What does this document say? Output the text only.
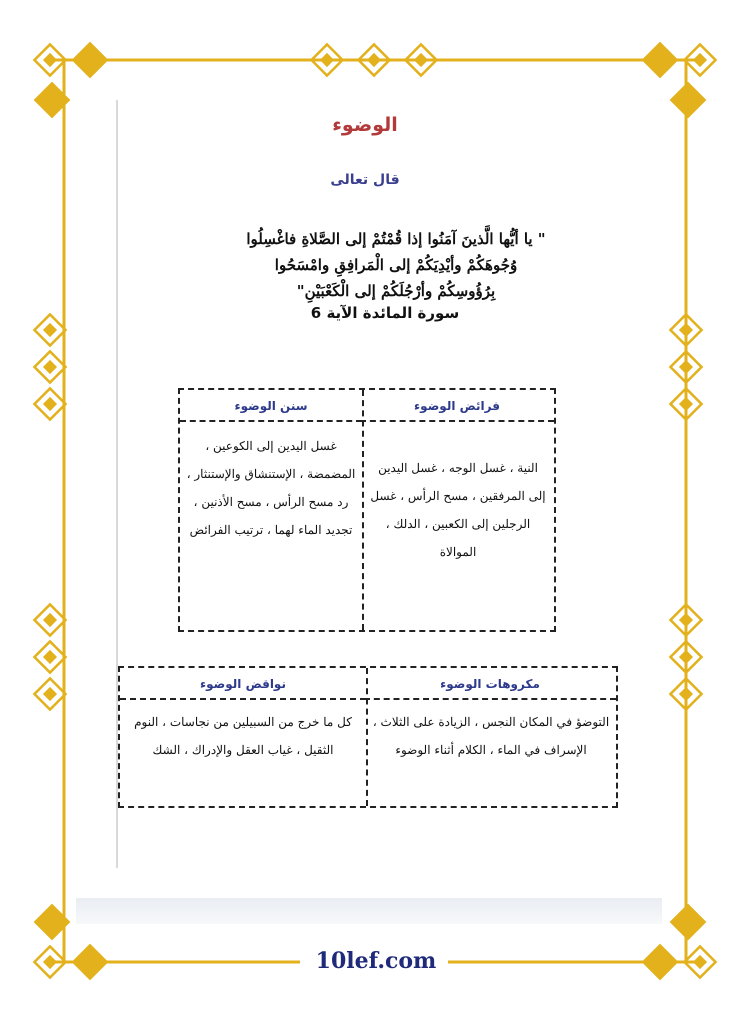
الوضوء
قال تعالى
" يا أيُّها الَّذينَ آمَنُوا إذا قُمْتُمْ إلى الصَّلاةِ فاغْسِلُوا
وُجُوهَكُمْ وأيْدِيَكُمْ إلى الْمَرافِقِ وامْسَحُوا
بِرُؤُوسِكُمْ وأرْجُلَكُمْ إلى الْكَعْبَيْنِ"
سورة المائدة الآية 6
فرائض الوضوء
سنن الوضوء
النية ، غسل الوجه ، غسل اليدين إلى المرفقين ، مسح الرأس ، غسل الرجلين إلى الكعبين ، الدلك ، الموالاة
غسل اليدين إلى الكوعين ، المضمضة ، الإستنشاق والإستنثار ، رد مسح الرأس ، مسح الأذنين ، تجديد الماء لهما ، ترتيب الفرائض
مكروهات الوضوء
نواقض الوضوء
التوضؤ في المكان النجس ، الزيادة على الثلاث ، الإسراف في الماء ، الكلام أثناء الوضوء
كل ما خرج من السبيلين من نجاسات ، النوم الثقيل ، غياب العقل والإدراك ، الشك
10lef.com
